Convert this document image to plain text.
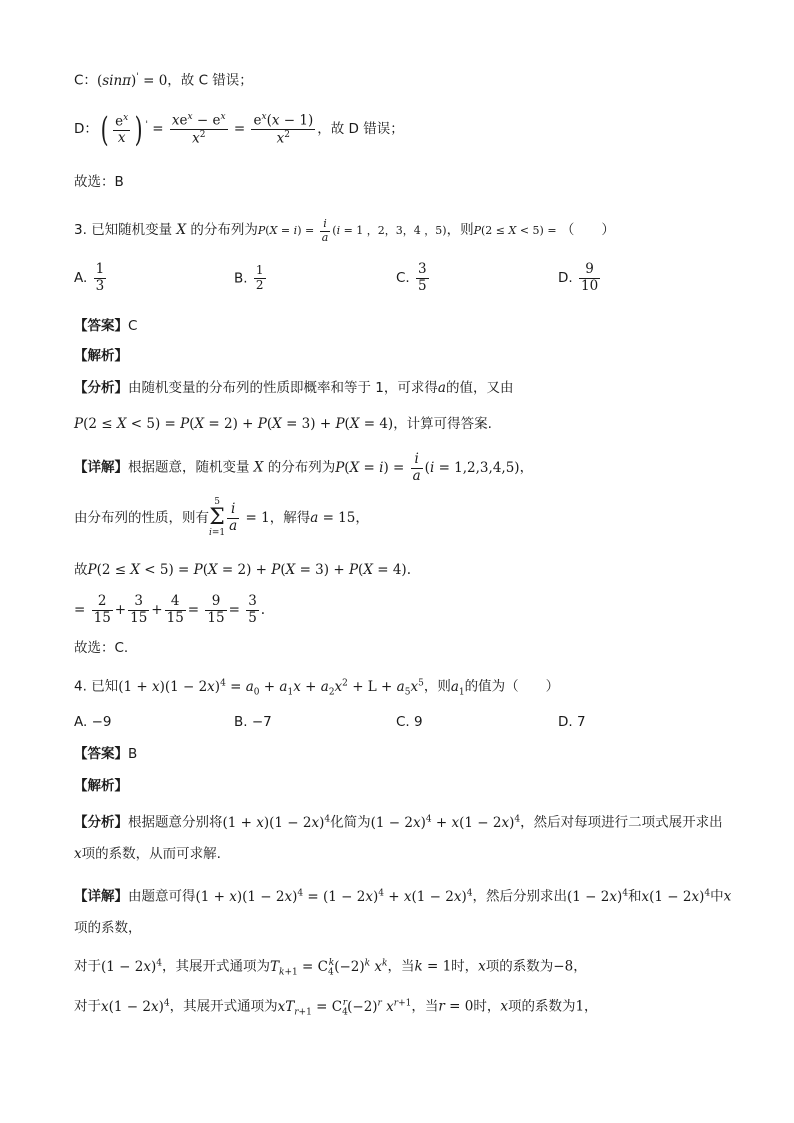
C：(sinπ)' = 0，故 C 错误；
D：( $\frac{e^x}{x}$ ) $' = \frac{xe^x - e^x}{x^2} = \frac{e^x(x - 1)}{x^2}$ ，故 D 错误；
故选：B
3. 已知随机变量 X 的分布列为$P(X = i) = \frac{i}{a} (i = 1$ ，2，3，4 ，5)，则P(2 ≤ X < 5) = （　　）
A. $\frac{1}{3}$	B. $\frac{1}{2}$	C. $\frac{3}{5}$	D. $\frac{9}{10}$
【答案】C
【解析】
【分析】由随机变量的分布列的性质即概率和等于 1，可求得a的值，又由
P(2 ≤ X < 5) = P(X = 2) + P(X = 3) + P(X = 4)，计算可得答案.
【详解】根据题意，随机变量 X 的分布列为$P(X = i) = \frac{i}{a} (i = 1,2,3,4,5)$，
由分布列的性质，则有5
Σ
$i=1 \frac{i}{a} = 1$，解得a = 15，
故P(2 ≤ X < 5) = P(X = 2) + P(X = 3) + P(X = 4).
= $\frac{2}{15} + \frac{3}{15} + \frac{4}{15} = \frac{9}{15} = \frac{3}{5}$ .
故选：C.
4. 已知$(1 + x)(1 - 2x)^4 = a_0 + a_1x + a_2x^2 + L + a_5x^5$，则$a_1$的值为（　　）
A. −9	B. −7	C. 9	D. 7
【答案】B
【解析】
【分析】根据题意分别将$(1 + x)(1 - 2x)^4$化简为$(1 - 2x)^4 + x(1 - 2x)^4$，然后对每项进行二项式展开求出
x项的系数，从而可求解.
【详解】由题意可得$(1 + x)(1 - 2x)^4 = (1 - 2x)^4 + x(1 - 2x)^4$，然后分别求出$(1 - 2x)^4$和$x(1 - 2x)^4$中x
项的系数，
对于$(1 - 2x)^4$，其展开式通项为$T_{k+1} = C_4^k(-2)^k$ $x^k$，当k = 1时，x项的系数为−8，
对于$x(1 - 2x)^4$，其展开式通项为$xT_{r+1} = C_4^r(-2)^r$ $x^{r+1}$，当r = 0时，x项的系数为1，
